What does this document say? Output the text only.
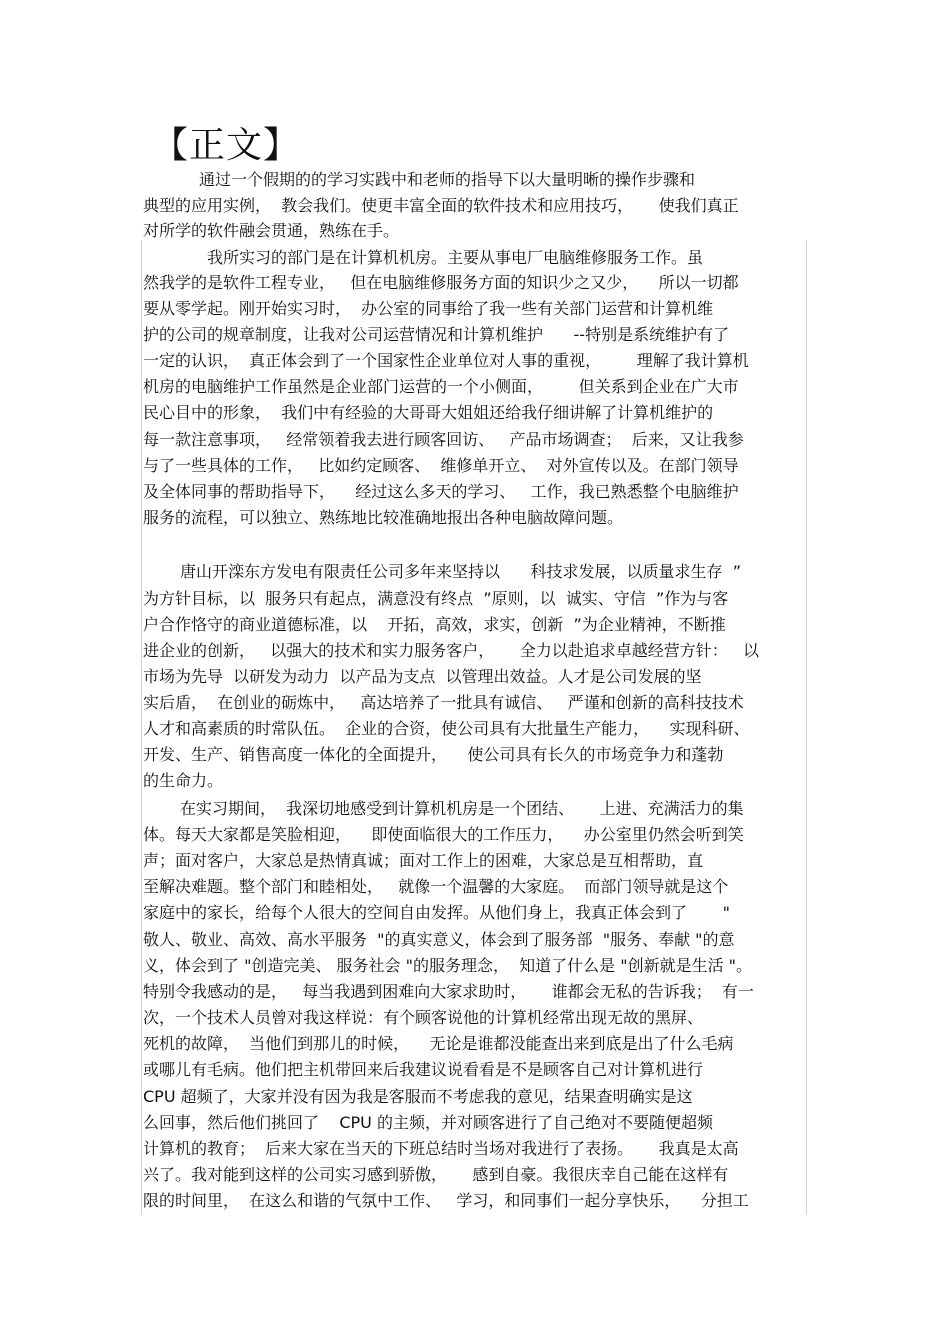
【正文】
通过一个假期的的学习实践中和老师的指导下以大量明晰的操作步骤和
典型的应用实例，  教会我们。使更丰富全面的软件技术和应用技巧，     使我们真正
对所学的软件融会贯通，熟练在手。
我所实习的部门是在计算机机房。主要从事电厂电脑维修服务工作。虽
然我学的是软件工程专业，   但在电脑维修服务方面的知识少之又少，    所以一切都
要从零学起。刚开始实习时，  办公室的同事给了我一些有关部门运营和计算机维
护的公司的规章制度，让我对公司运营情况和计算机维护      --特别是系统维护有了
一定的认识，  真正体会到了一个国家性企业单位对人事的重视，       理解了我计算机
机房的电脑维护工作虽然是企业部门运营的一个小侧面，       但关系到企业在广大市
民心目中的形象，  我们中有经验的大哥哥大姐姐还给我仔细讲解了计算机维护的
每一款注意事项，   经常领着我去进行顾客回访、   产品市场调查；  后来，又让我参
与了一些具体的工作，   比如约定顾客、  维修单开立、  对外宣传以及。在部门领导
及全体同事的帮助指导下，    经过这么多天的学习、   工作，我已熟悉整个电脑维护
服务的流程，可以独立、熟练地比较准确地报出各种电脑故障问题。
唐山开滦东方发电有限责任公司多年来坚持以      科技求发展，以质量求生存  ”
为方针目标，以  服务只有起点，满意没有终点  ”原则，以  诚实、守信  ”作为与客
户合作恪守的商业道德标准，以    开拓，高效，求实，创新  ”为企业精神，不断推
进企业的创新，   以强大的技术和实力服务客户，     全力以赴追求卓越经营方针：   以
市场为先导  以研发为动力  以产品为支点  以管理出效益。人才是公司发展的坚
实后盾，  在创业的砺炼中，   高达培养了一批具有诚信、   严谨和创新的高科技技术
人才和高素质的时常队伍。  企业的合资，使公司具有大批量生产能力，    实现科研、
开发、生产、销售高度一体化的全面提升，    使公司具有长久的市场竞争力和蓬勃
的生命力。
在实习期间，  我深切地感受到计算机机房是一个团结、     上进、充满活力的集
体。每天大家都是笑脸相迎，    即使面临很大的工作压力，    办公室里仍然会听到笑
声；面对客户，大家总是热情真诚；面对工作上的困难，大家总是互相帮助，直
至解决难题。整个部门和睦相处，   就像一个温馨的大家庭。  而部门领导就是这个
家庭中的家长，给每个人很大的空间自由发挥。从他们身上，我真正体会到了       "
敬人、敬业、高效、高水平服务  "的真实意义，体会到了服务部  "服务、奉献 "的意
义，体会到了 "创造完美、 服务社会 "的服务理念，  知道了什么是 "创新就是生活 "。
特别令我感动的是，   每当我遇到困难向大家求助时，     谁都会无私的告诉我；  有一
次，一个技术人员曾对我这样说：有个顾客说他的计算机经常出现无故的黑屏、
死机的故障，  当他们到那儿的时候，    无论是谁都没能查出来到底是出了什么毛病
或哪儿有毛病。他们把主机带回来后我建议说看看是不是顾客自己对计算机进行
CPU 超频了，大家并没有因为我是客服而不考虑我的意见，结果查明确实是这
么回事，然后他们挑回了    CPU 的主频，并对顾客进行了自己绝对不要随便超频
计算机的教育；  后来大家在当天的下班总结时当场对我进行了表扬。     我真是太高
兴了。我对能到这样的公司实习感到骄傲，     感到自豪。我很庆幸自己能在这样有
限的时间里，  在这么和谐的气氛中工作、   学习，和同事们一起分享快乐，    分担工
